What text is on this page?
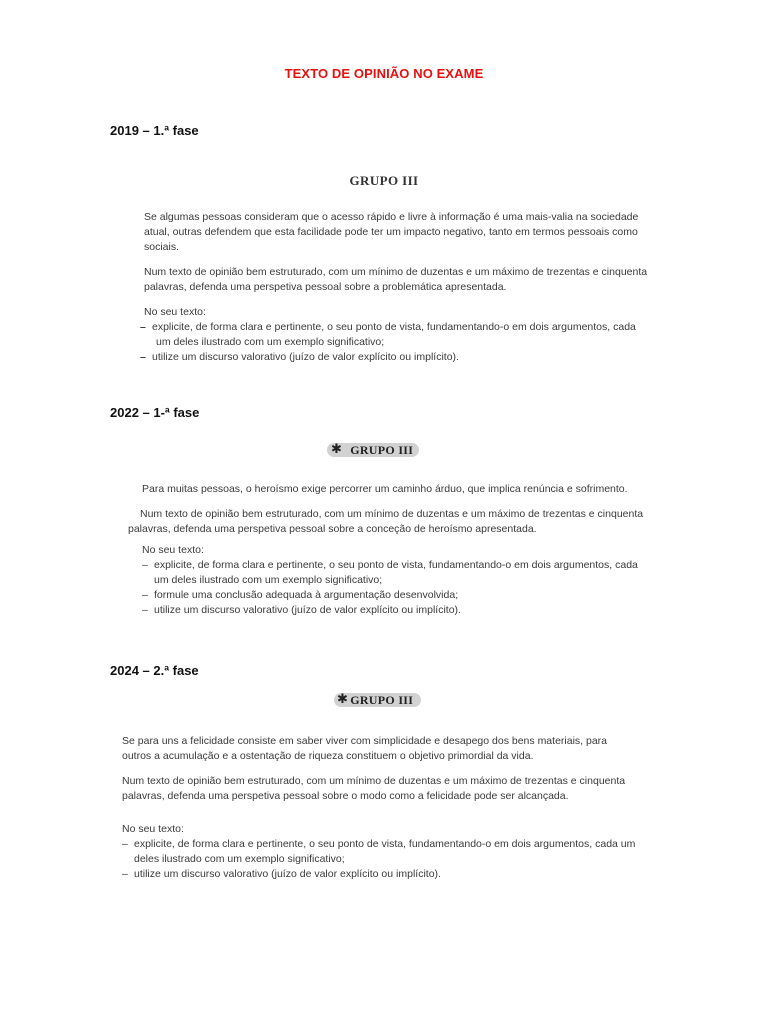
TEXTO DE OPINIÃO NO EXAME
2019 – 1.ª fase
GRUPO III
Se algumas pessoas consideram que o acesso rápido e livre à informação é uma mais-valia na sociedade
atual, outras defendem que esta facilidade pode ter um impacto negativo, tanto em termos pessoais como
sociais.
Num texto de opinião bem estruturado, com um mínimo de duzentas e um máximo de trezentas e cinquenta
palavras, defenda uma perspetiva pessoal sobre a problemática apresentada.
No seu texto:
– explicite, de forma clara e pertinente, o seu ponto de vista, fundamentando-o em dois argumentos, cada
um deles ilustrado com um exemplo significativo;
– utilize um discurso valorativo (juízo de valor explícito ou implícito).
2022 – 1-ª fase
✱ GRUPO III
Para muitas pessoas, o heroísmo exige percorrer um caminho árduo, que implica renúncia e sofrimento.
Num texto de opinião bem estruturado, com um mínimo de duzentas e um máximo de trezentas e cinquenta
palavras, defenda uma perspetiva pessoal sobre a conceção de heroísmo apresentada.
No seu texto:
– explicite, de forma clara e pertinente, o seu ponto de vista, fundamentando-o em dois argumentos, cada
um deles ilustrado com um exemplo significativo;
– formule uma conclusão adequada à argumentação desenvolvida;
– utilize um discurso valorativo (juízo de valor explícito ou implícito).
2024 – 2.ª fase
✱ GRUPO III
Se para uns a felicidade consiste em saber viver com simplicidade e desapego dos bens materiais, para
outros a acumulação e a ostentação de riqueza constituem o objetivo primordial da vida.
Num texto de opinião bem estruturado, com um mínimo de duzentas e um máximo de trezentas e cinquenta
palavras, defenda uma perspetiva pessoal sobre o modo como a felicidade pode ser alcançada.
No seu texto:
– explicite, de forma clara e pertinente, o seu ponto de vista, fundamentando-o em dois argumentos, cada um
deles ilustrado com um exemplo significativo;
– utilize um discurso valorativo (juízo de valor explícito ou implícito).
